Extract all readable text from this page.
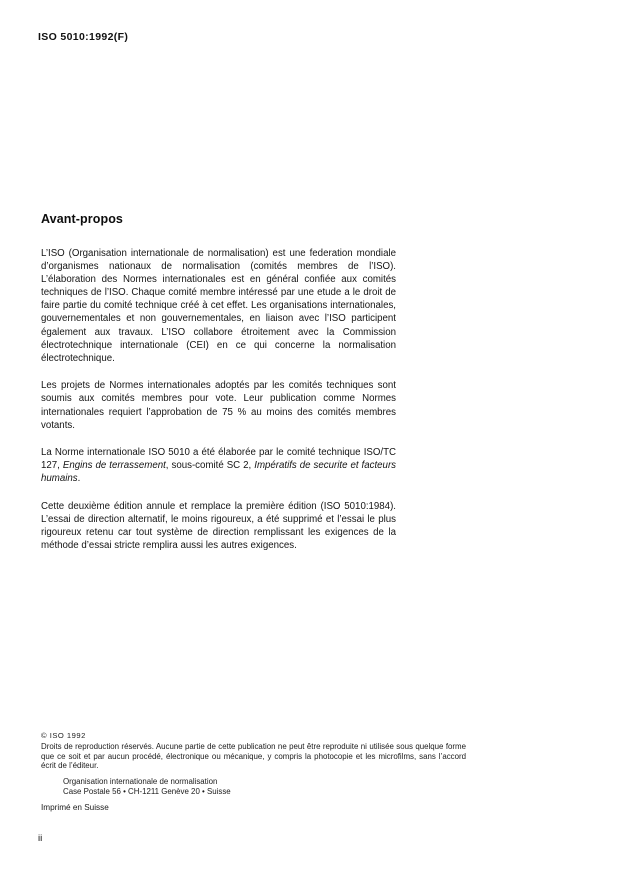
ISO 5010:1992(F)
Avant-propos

L’ISO (Organisation internationale de normalisation) est une federation mondiale d’organismes nationaux de normalisation (comités membres de l’ISO). L’élaboration des Normes internationales est en général confiée aux comités techniques de l’ISO. Chaque comité membre intéressé par une etude a le droit de faire partie du comité technique créé à cet effet. Les organisations internationales, gouvernementales et non gouvernementales, en liaison avec l’ISO participent également aux travaux. L’ISO collabore étroitement avec la Commission électrotechnique internationale (CEI) en ce qui concerne la normalisation électrotechnique.

Les projets de Normes internationales adoptés par les comités techniques sont soumis aux comités membres pour vote. Leur publication comme Normes internationales requiert l’approbation de 75 % au moins des comités membres votants.

La Norme internationale ISO 5010 a été élaborée par le comité technique ISO/TC 127, Engins de terrassement, sous-comité SC 2, Impératifs de securite et facteurs humains.

Cette deuxième édition annule et remplace la première édition (ISO 5010:1984). L’essai de direction alternatif, le moins rigoureux, a été supprimé et l’essai le plus rigoureux retenu car tout système de direction remplissant les exigences de la méthode d’essai stricte remplira aussi les autres exigences.

© ISO 1992

Droits de reproduction réservés. Aucune partie de cette publication ne peut être reproduite ni utilisée sous quelque forme que ce soit et par aucun procédé, électronique ou mécanique, y compris la photocopie et les microfilms, sans l’accord écrit de l’éditeur.

Organisation internationale de normalisation

Case Postale 56 • CH-1211 Genève 20 • Suisse

Imprimé en Suisse

ii
